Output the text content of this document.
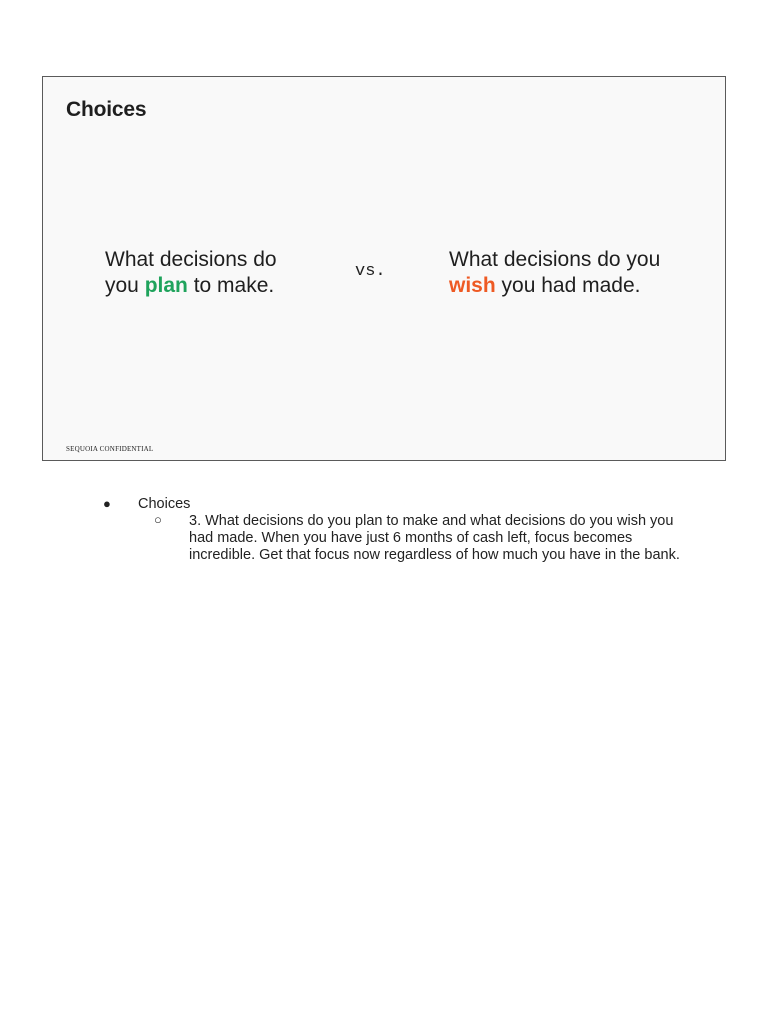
Choices
What decisions do
you plan to make.
vs.
What decisions do you
wish you had made.
SEQUOIA CONFIDENTIAL
● Choices
○ 3. What decisions do you plan to make and what decisions do you wish you had made. When you have just 6 months of cash left, focus becomes incredible. Get that focus now regardless of how much you have in the bank.
